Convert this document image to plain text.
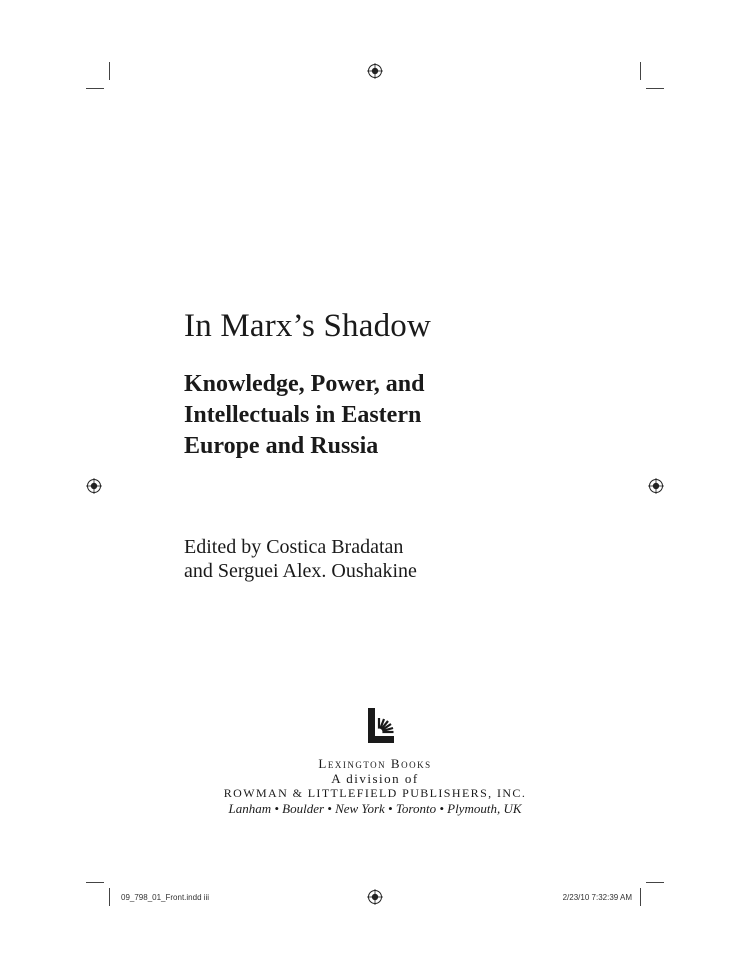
In Marx’s Shadow
Knowledge, Power, and
Intellectuals in Eastern
Europe and Russia
Edited by Costica Bradatan
and Serguei Alex. Oushakine
Lexington Books
A division of
ROWMAN & LITTLEFIELD PUBLISHERS, INC.
Lanham • Boulder • New York • Toronto • Plymouth, UK
09_798_01_Front.indd iii	2/23/10 7:32:39 AM
